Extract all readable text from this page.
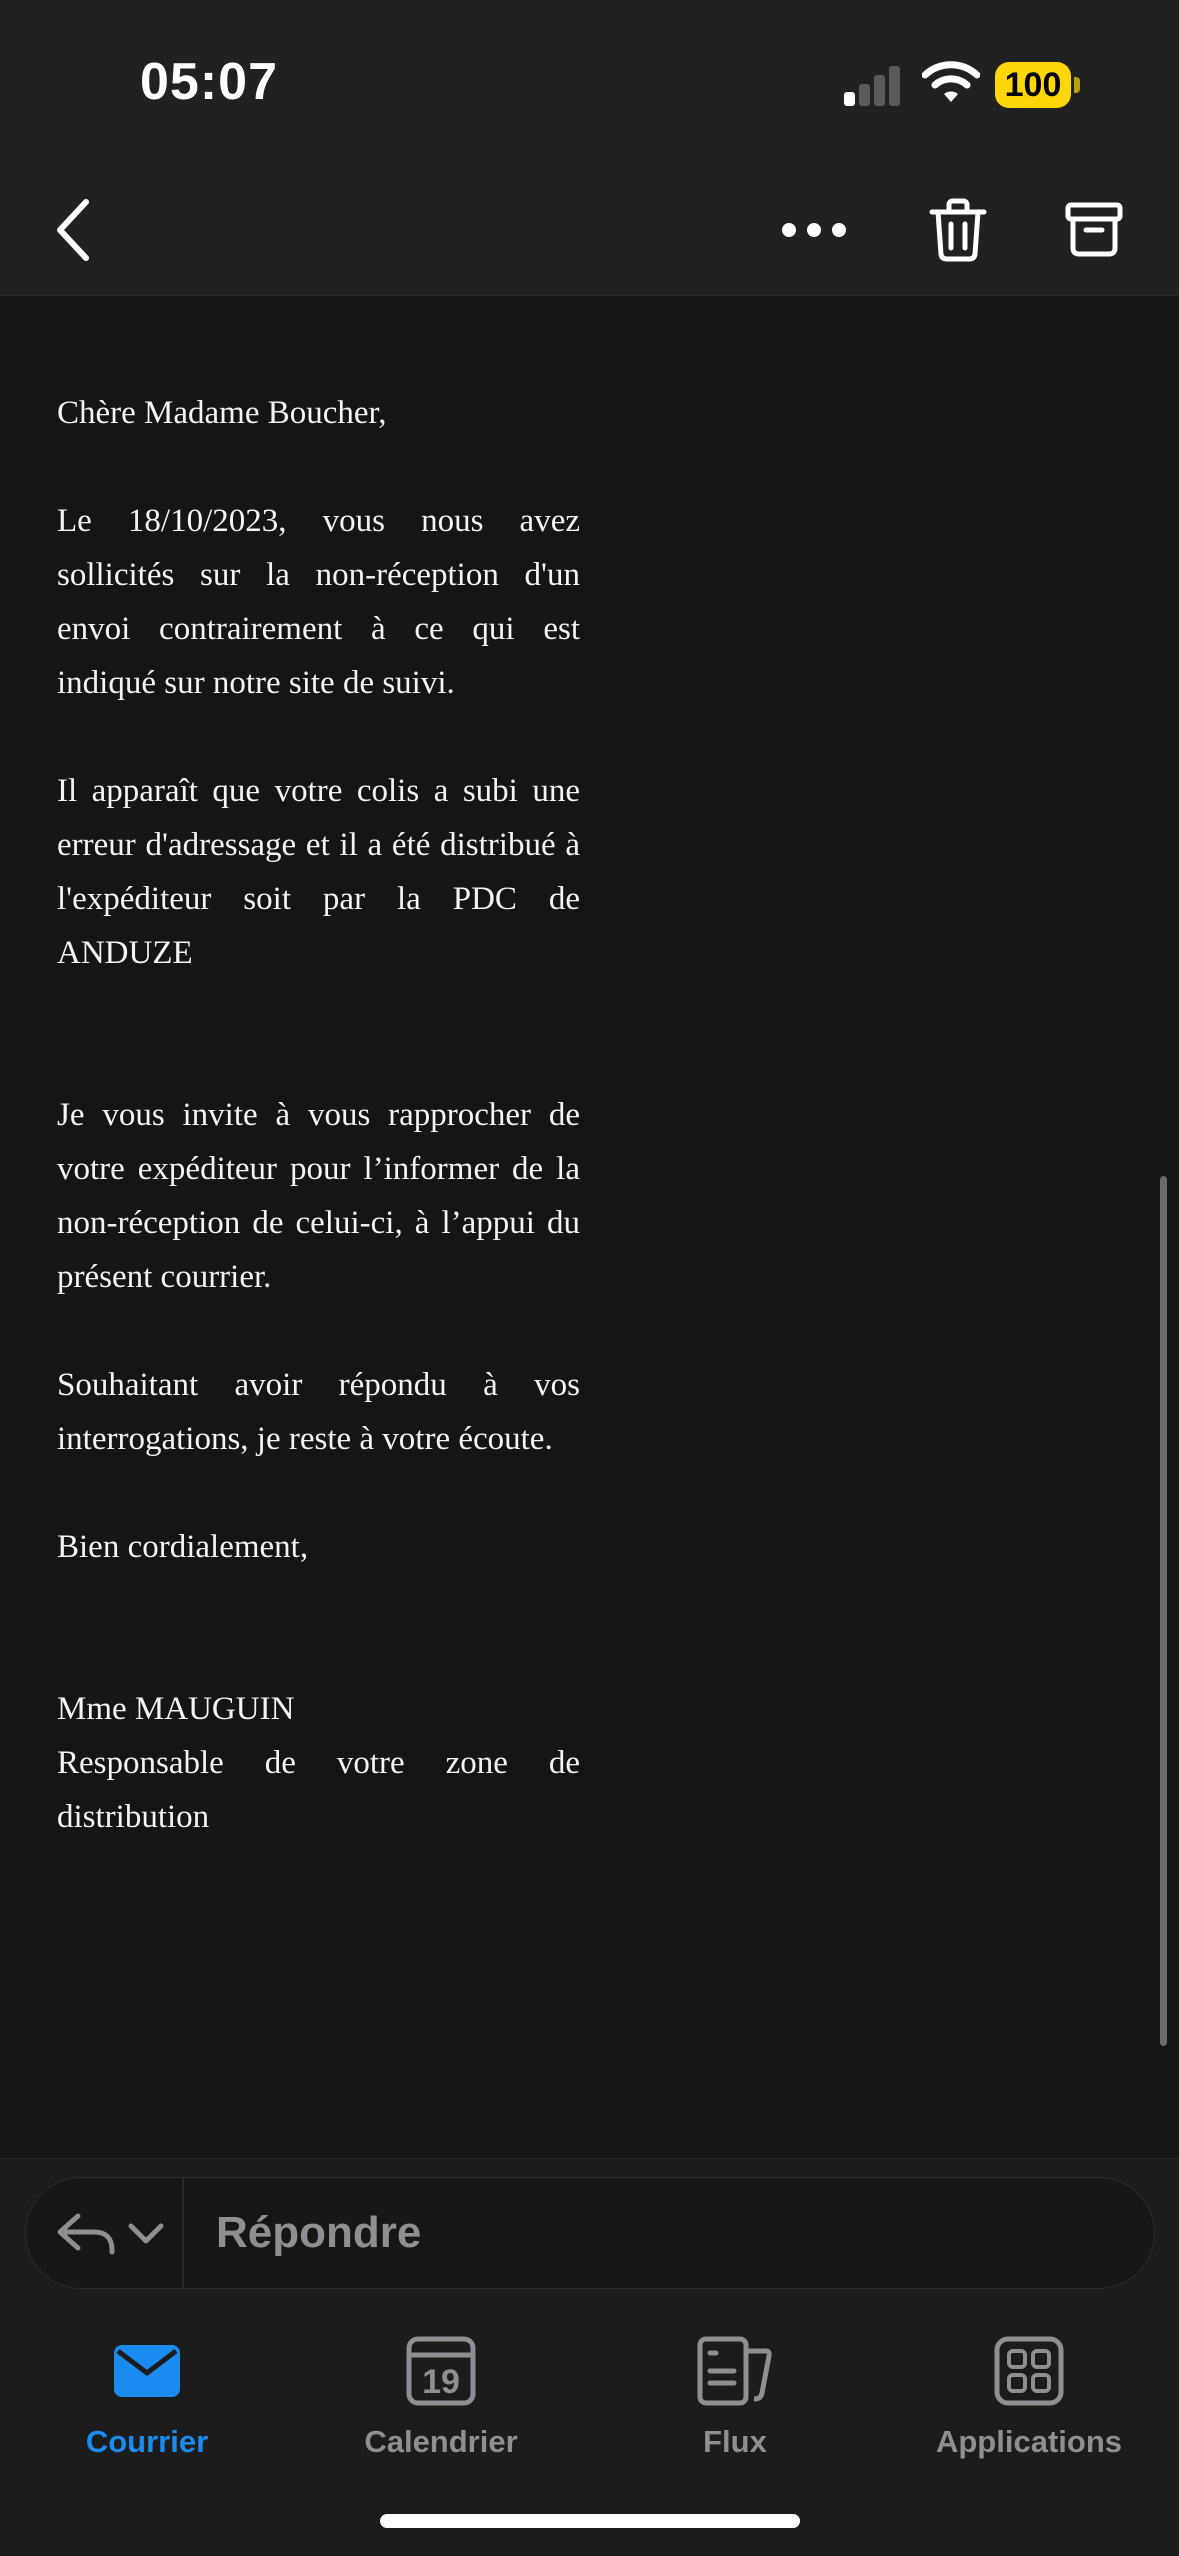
05:07	100

Chère Madame Boucher,

Le 18/10/2023, vous nous avez sollicités sur la non-réception d'un envoi contrairement à ce qui est indiqué sur notre site de suivi.

Il apparaît que votre colis a subi une erreur d'adressage et il a été distribué à l'expéditeur soit par la PDC de ANDUZE

Je vous invite à vous rapprocher de votre expéditeur pour l’informer de la non-réception de celui-ci, à l’appui du présent courrier.

Souhaitant avoir répondu à vos interrogations, je reste à votre écoute.

Bien cordialement,

Mme MAUGUIN

Responsable de votre zone de distribution

Répondre
Courrier
19
Calendrier	Flux	Applications
